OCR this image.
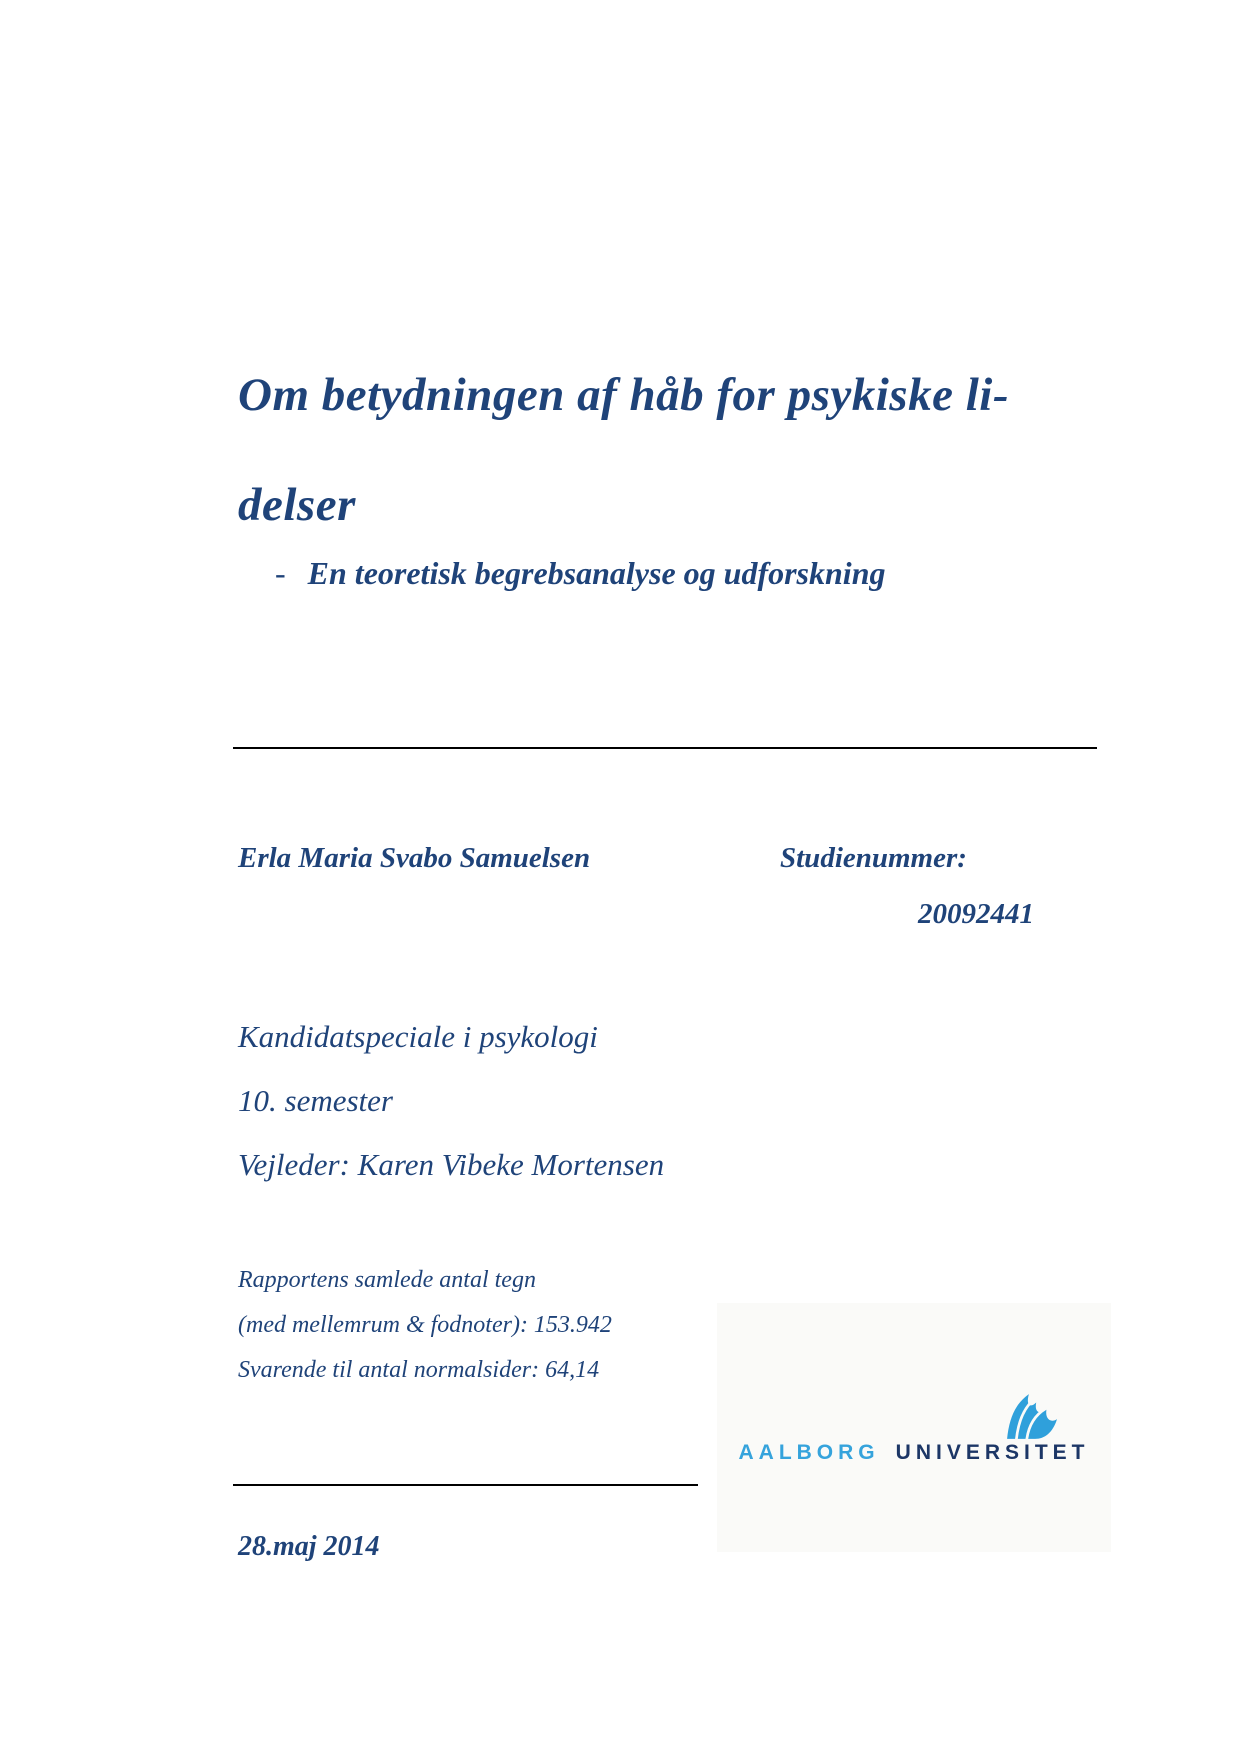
Om betydningen af håb for psykiske li-
delser
- En teoretisk begrebsanalyse og udforskning
Erla Maria Svabo Samuelsen	Studienummer:
20092441
Kandidatspeciale i psykologi
10. semester
Vejleder: Karen Vibeke Mortensen
Rapportens samlede antal tegn
(med mellemrum & fodnoter): 153.942
Svarende til antal normalsider: 64,14
AALBORG UNIVERSITET
28.maj 2014
